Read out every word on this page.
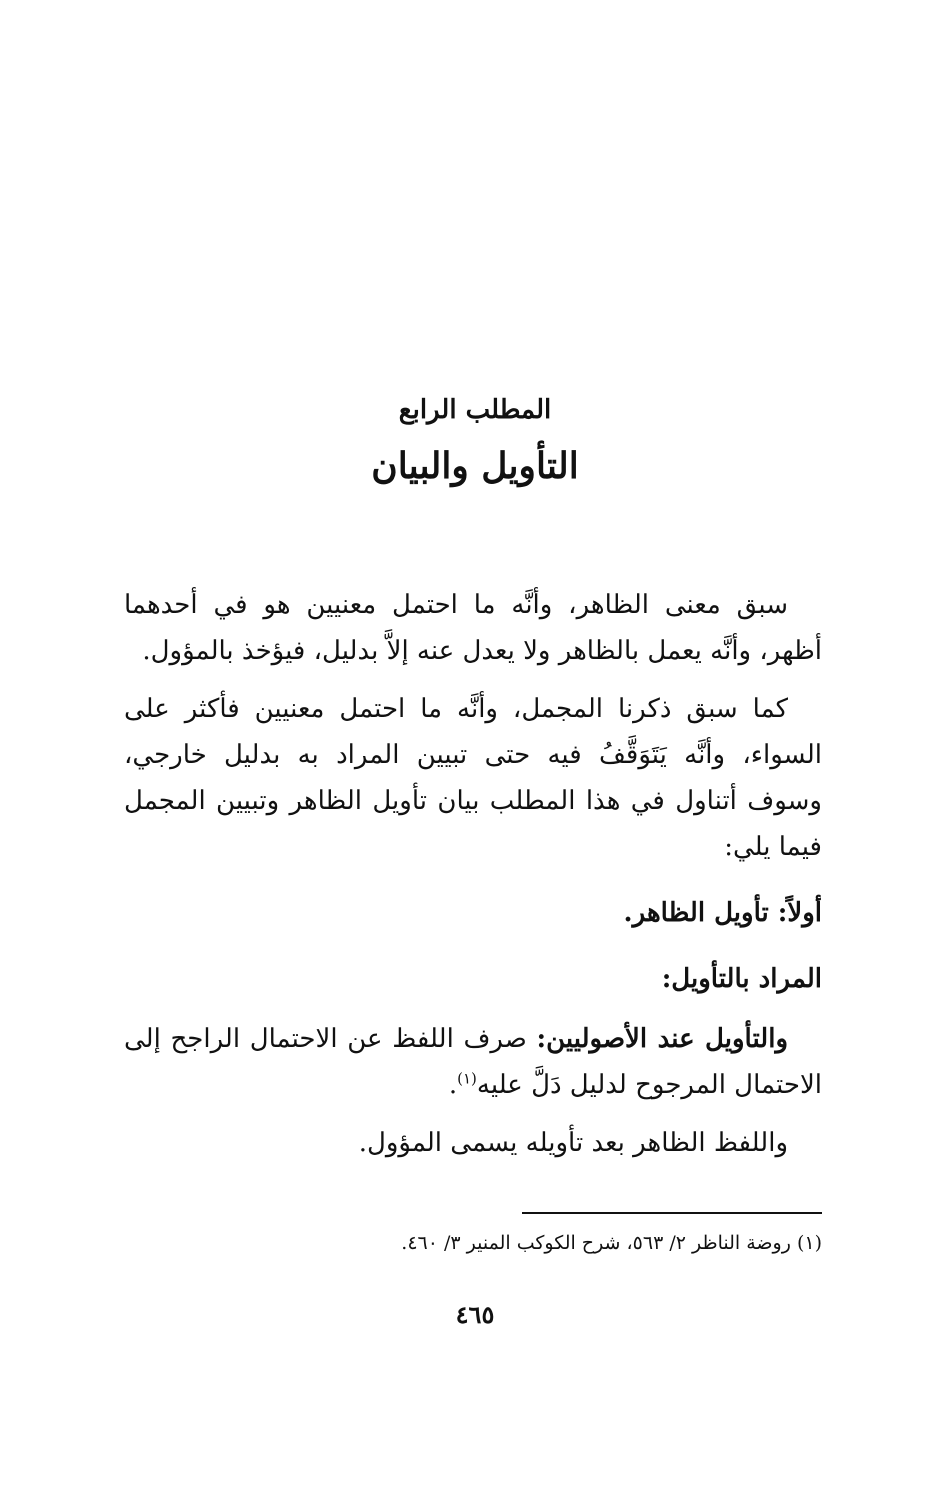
المطلب الرابع
التأويل والبيان

سبق معنى الظاهر، وأنَّه ما احتمل معنيين هو في أحدهما أظهر، وأنَّه يعمل بالظاهر ولا يعدل عنه إلاَّ بدليل، فيؤخذ بالمؤول.

كما سبق ذكرنا المجمل، وأنَّه ما احتمل معنيين فأكثر على السواء، وأنَّه يَتَوَقَّفُ فيه حتى تبيين المراد به بدليل خارجي، وسوف أتناول في هذا المطلب بيان تأويل الظاهر وتبيين المجمل فيما يلي:

أولاً: تأويل الظاهر.
المراد بالتأويل:

والتأويل عند الأصوليين: صرف اللفظ عن الاحتمال الراجح إلى الاحتمال المرجوح لدليل دَلَّ عليه$^{(١)}$.

واللفظ الظاهر بعد تأويله يسمى المؤول.

(١) روضة الناظر ٢/ ٥٦٣، شرح الكوكب المنير ٣/ ٤٦٠.
٤٦٥
